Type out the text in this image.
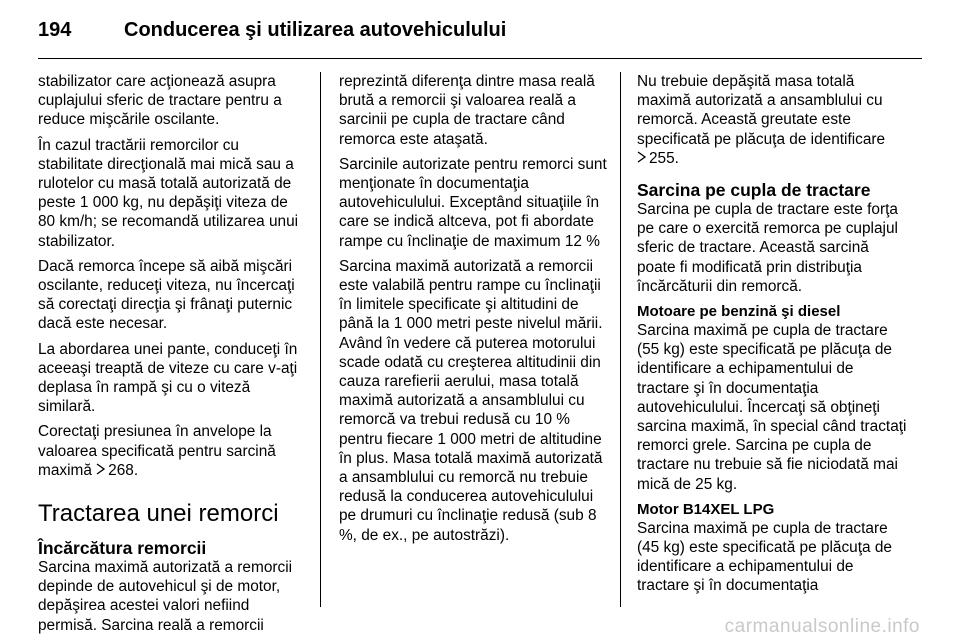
194	Conducerea şi utilizarea autovehiculului

stabilizator care acţionează asupra cuplajului sferic de tractare pentru a reduce mişcările oscilante.

În cazul tractării remorcilor cu stabilitate direcţională mai mică sau a rulotelor cu masă totală autorizată de peste 1 000 kg, nu depăşiţi viteza de 80 km/h; se recomandă utilizarea unui stabilizator.

Dacă remorca începe să aibă mişcări oscilante, reduceţi viteza, nu încercaţi să corectaţi direcţia şi frânaţi puternic dacă este necesar.

La abordarea unei pante, conduceţi în aceeaşi treaptă de viteze cu care v-aţi deplasa în rampă şi cu o viteză similară.

Corectaţi presiunea în anvelope la valoarea specificată pentru sarcină maximă 268.

Tractarea unei remorci
Încărcătura remorcii

Sarcina maximă autorizată a remorcii depinde de autovehicul şi de motor, depăşirea acestei valori nefiind permisă. Sarcina reală a remorcii

reprezintă diferenţa dintre masa reală brută a remorcii şi valoarea reală a sarcinii pe cupla de tractare când remorca este ataşată.

Sarcinile autorizate pentru remorci sunt menţionate în documentaţia autovehiculului. Exceptând situaţiile în care se indică altceva, pot fi abordate rampe cu înclinaţie de maximum 12 %

Sarcina maximă autorizată a remorcii este valabilă pentru rampe cu înclinaţii în limitele specificate şi altitudini de până la 1 000 metri peste nivelul mării. Având în vedere că puterea motorului scade odată cu creşterea altitudinii din cauza rarefierii aerului, masa totală maximă autorizată a ansamblului cu remorcă va trebui redusă cu 10 % pentru fiecare 1 000 metri de altitudine în plus. Masa totală maximă autorizată a ansamblului cu remorcă nu trebuie redusă la conducerea autovehiculului pe drumuri cu înclinaţie redusă (sub 8 %, de ex., pe autostrăzi).

Nu trebuie depăşită masa totală maximă autorizată a ansamblului cu remorcă. Această greutate este specificată pe plăcuţa de identificare
255.

Sarcina pe cupla de tractare

Sarcina pe cupla de tractare este forţa pe care o exercită remorca pe cuplajul sferic de tractare. Această sarcină poate fi modificată prin distribuţia încărcăturii din remorcă.

Motoare pe benzină şi diesel

Sarcina maximă pe cupla de tractare (55 kg) este specificată pe plăcuţa de identificare a echipamentului de tractare şi în documentaţia autovehiculului. Încercaţi să obţineţi sarcina maximă, în special când tractaţi remorci grele. Sarcina pe cupla de tractare nu trebuie să fie niciodată mai mică de 25 kg.

Motor B14XEL LPG

Sarcina maximă pe cupla de tractare (45 kg) este specificată pe plăcuţa de identificare a echipamentului de tractare şi în documentaţia

carmanualsonline.info
